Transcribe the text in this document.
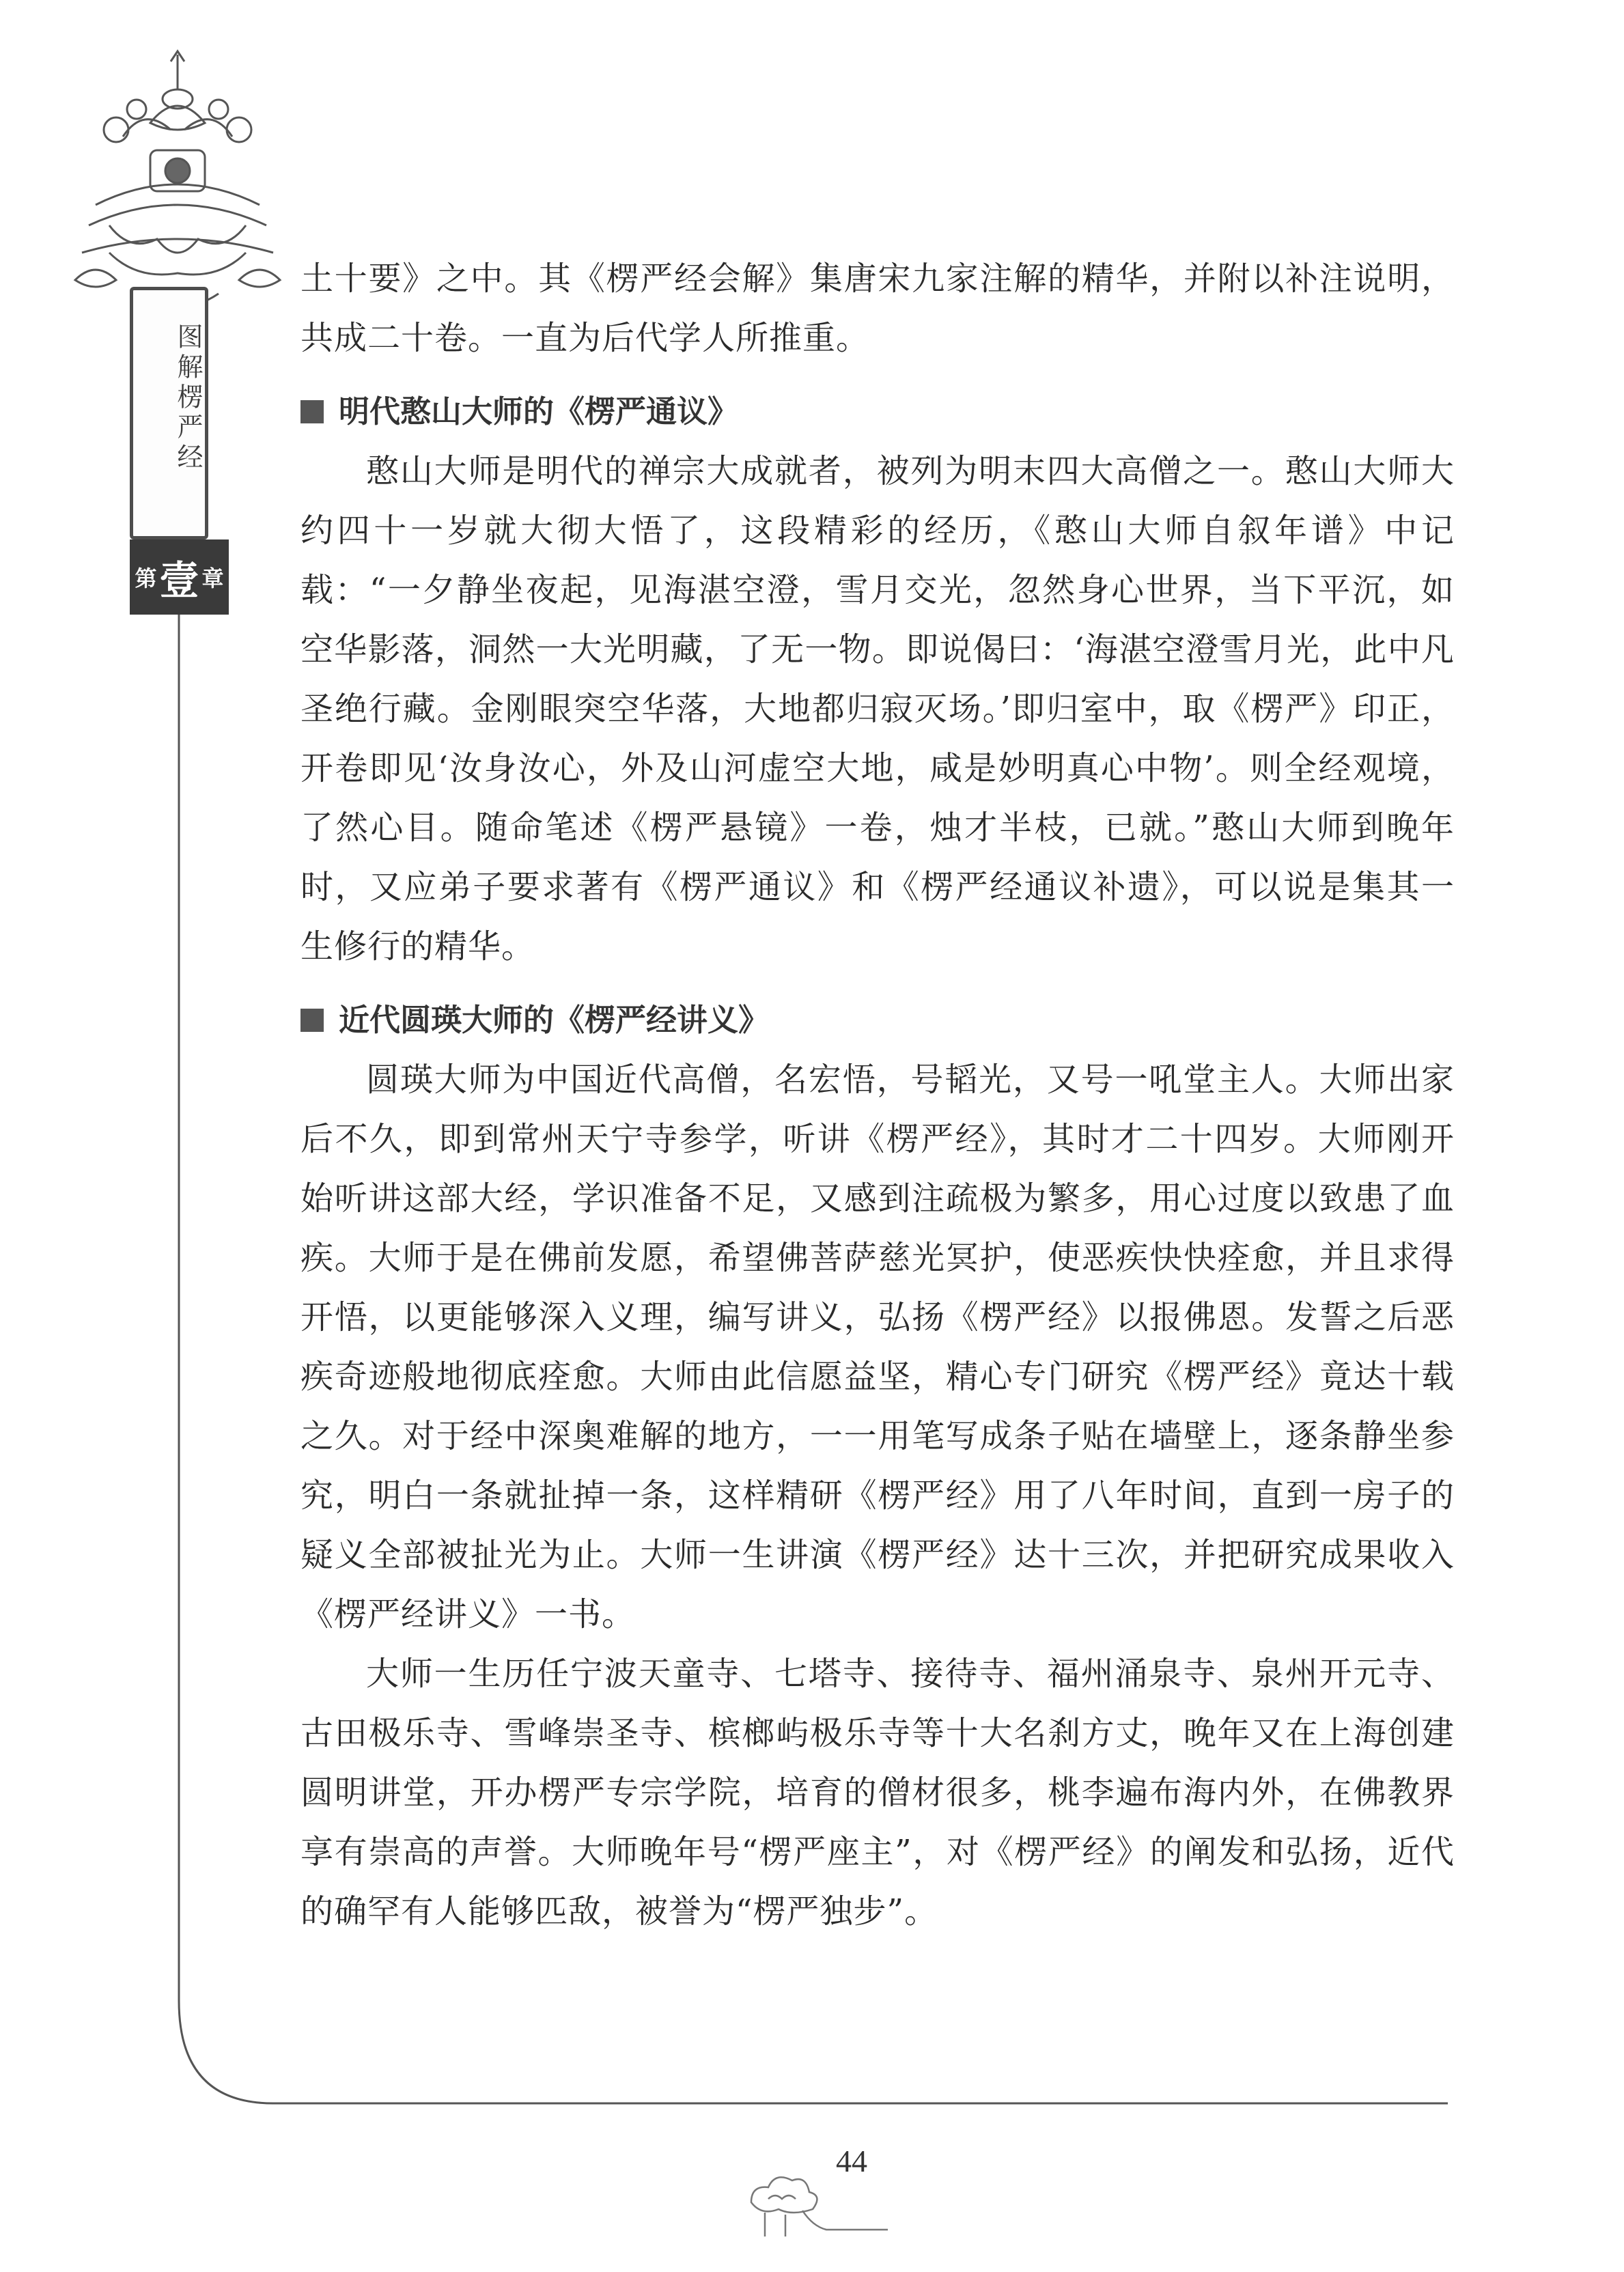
图解楞严经
第 壹 章

土十要》之中。其《楞严经会解》集唐宋九家注解的精华，并附以补注说明，共成二十卷。一直为后代学人所推重。

明代憨山大师的《楞严通议》

憨山大师是明代的禅宗大成就者，被列为明末四大高僧之一。憨山大师大约四十一岁就大彻大悟了，这段精彩的经历，《憨山大师自叙年谱》中记载：“一夕静坐夜起，见海湛空澄，雪月交光，忽然身心世界，当下平沉，如空华影落，洞然一大光明藏，了无一物。即说偈曰：‘海湛空澄雪月光，此中凡圣绝行藏。金刚眼突空华落，大地都归寂灭场。’即归室中，取《楞严》印正，开卷即见‘汝身汝心，外及山河虚空大地，咸是妙明真心中物’。则全经观境，了然心目。随命笔述《楞严悬镜》一卷，烛才半枝，已就。”憨山大师到晚年时，又应弟子要求著有《楞严通议》和《楞严经通议补遗》，可以说是集其一生修行的精华。

近代圆瑛大师的《楞严经讲义》

圆瑛大师为中国近代高僧，名宏悟，号韬光，又号一吼堂主人。大师出家后不久，即到常州天宁寺参学，听讲《楞严经》，其时才二十四岁。大师刚开始听讲这部大经，学识准备不足，又感到注疏极为繁多，用心过度以致患了血疾。大师于是在佛前发愿，希望佛菩萨慈光冥护，使恶疾快快痊愈，并且求得开悟，以更能够深入义理，编写讲义，弘扬《楞严经》以报佛恩。发誓之后恶疾奇迹般地彻底痊愈。大师由此信愿益坚，精心专门研究《楞严经》竟达十载之久。对于经中深奥难解的地方，一一用笔写成条子贴在墙壁上，逐条静坐参究，明白一条就扯掉一条，这样精研《楞严经》用了八年时间，直到一房子的疑义全部被扯光为止。大师一生讲演《楞严经》达十三次，并把研究成果收入《楞严经讲义》一书。

大师一生历任宁波天童寺、七塔寺、接待寺、福州涌泉寺、泉州开元寺、古田极乐寺、雪峰崇圣寺、槟榔屿极乐寺等十大名刹方丈，晚年又在上海创建圆明讲堂，开办楞严专宗学院，培育的僧材很多，桃李遍布海内外，在佛教界享有崇高的声誉。大师晚年号“楞严座主”，对《楞严经》的阐发和弘扬，近代的确罕有人能够匹敌，被誉为“楞严独步”。

44
